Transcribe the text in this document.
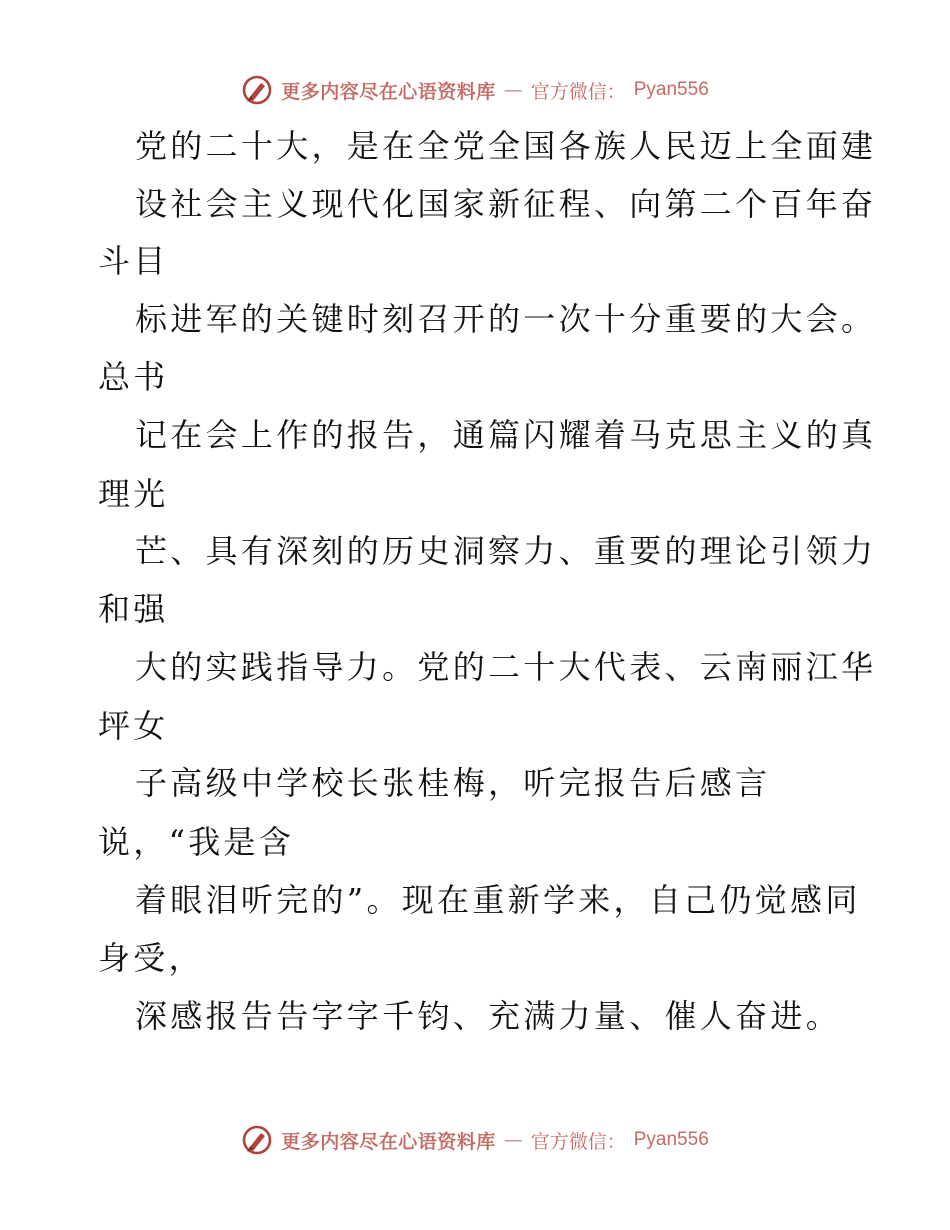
更多内容尽在心语资料库 — 官方微信： Pyan556
党的二十大，是在全党全国各族人民迈上全面建
设社会主义现代化国家新征程、向第二个百年奋
斗目
标进军的关键时刻召开的一次十分重要的大会。
总书
记在会上作的报告，通篇闪耀着马克思主义的真
理光
芒、具有深刻的历史洞察力、重要的理论引领力
和强
大的实践指导力。党的二十大代表、云南丽江华
坪女
子高级中学校长张桂梅，听完报告后感言
说，“我是含
着眼泪听完的”。现在重新学来，自己仍觉感同
身受，
深感报告告字字千钧、充满力量、催人奋进。
更多内容尽在心语资料库 — 官方微信： Pyan556
